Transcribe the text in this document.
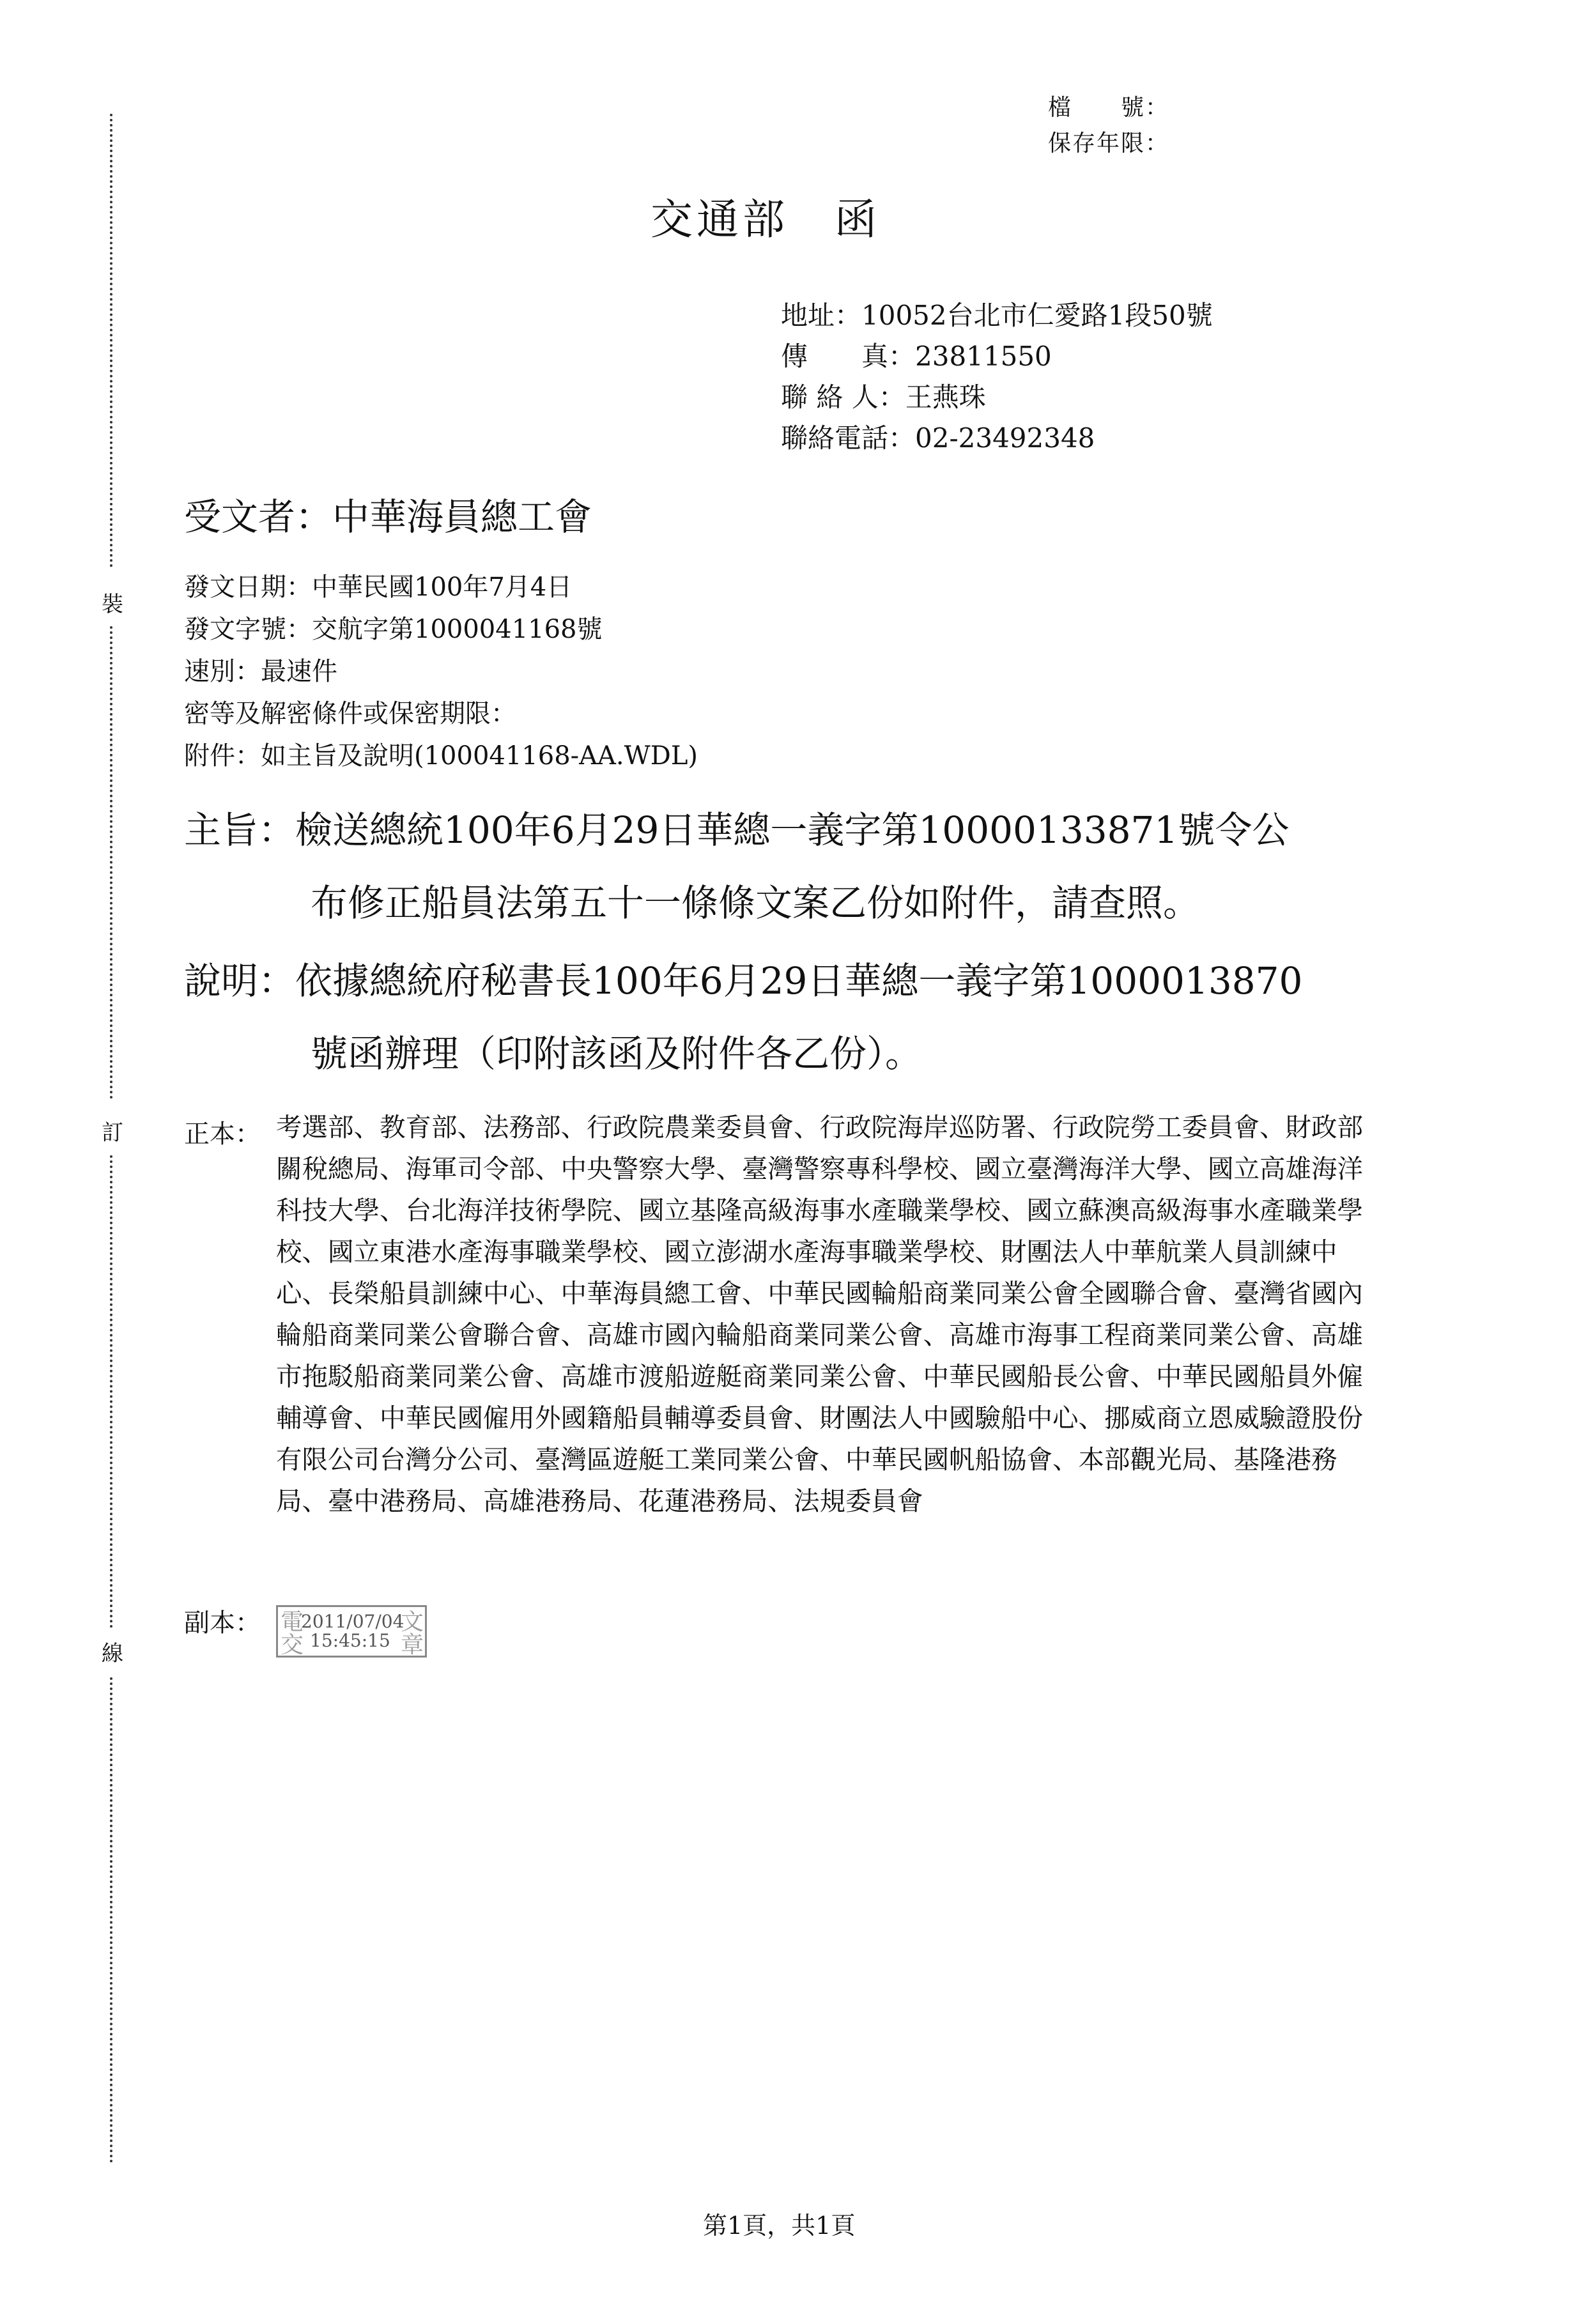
裝
訂
線
檔　　號：
保存年限：
交通部　函
地址：10052台北市仁愛路1段50號
傳　　真：23811550
聯 絡 人：王燕珠
聯絡電話：02-23492348
受文者：中華海員總工會
發文日期：中華民國100年7月4日
發文字號：交航字第1000041168號
速別：最速件
密等及解密條件或保密期限：
附件：如主旨及說明(100041168-AA.WDL)
主旨：檢送總統100年6月29日華總一義字第10000133871號令公
布修正船員法第五十一條條文案乙份如附件，請查照。
說明：依據總統府秘書長100年6月29日華總一義字第1000013870
號函辦理（印附該函及附件各乙份）。
正本： 考選部、教育部、法務部、行政院農業委員會、行政院海岸巡防署、行政院勞工委員會、財政部關稅總局、海軍司令部、中央警察大學、臺灣警察專科學校、國立臺灣海洋大學、國立高雄海洋科技大學、台北海洋技術學院、國立基隆高級海事水產職業學校、國立蘇澳高級海事水產職業學校、國立東港水產海事職業學校、國立澎湖水產海事職業學校、財團法人中華航業人員訓練中心、長榮船員訓練中心、中華海員總工會、中華民國輪船商業同業公會全國聯合會、臺灣省國內輪船商業同業公會聯合會、高雄市國內輪船商業同業公會、高雄市海事工程商業同業公會、高雄市拖駁船商業同業公會、高雄市渡船遊艇商業同業公會、中華民國船長公會、中華民國船員外僱輔導會、中華民國僱用外國籍船員輔導委員會、財團法人中國驗船中心、挪威商立恩威驗證股份有限公司台灣分公司、臺灣區遊艇工業同業公會、中華民國帆船協會、本部觀光局、基隆港務局、臺中港務局、高雄港務局、花蓮港務局、法規委員會
副本： 電
交
文
章
2011/07/04
15:45:15
第1頁，共1頁
